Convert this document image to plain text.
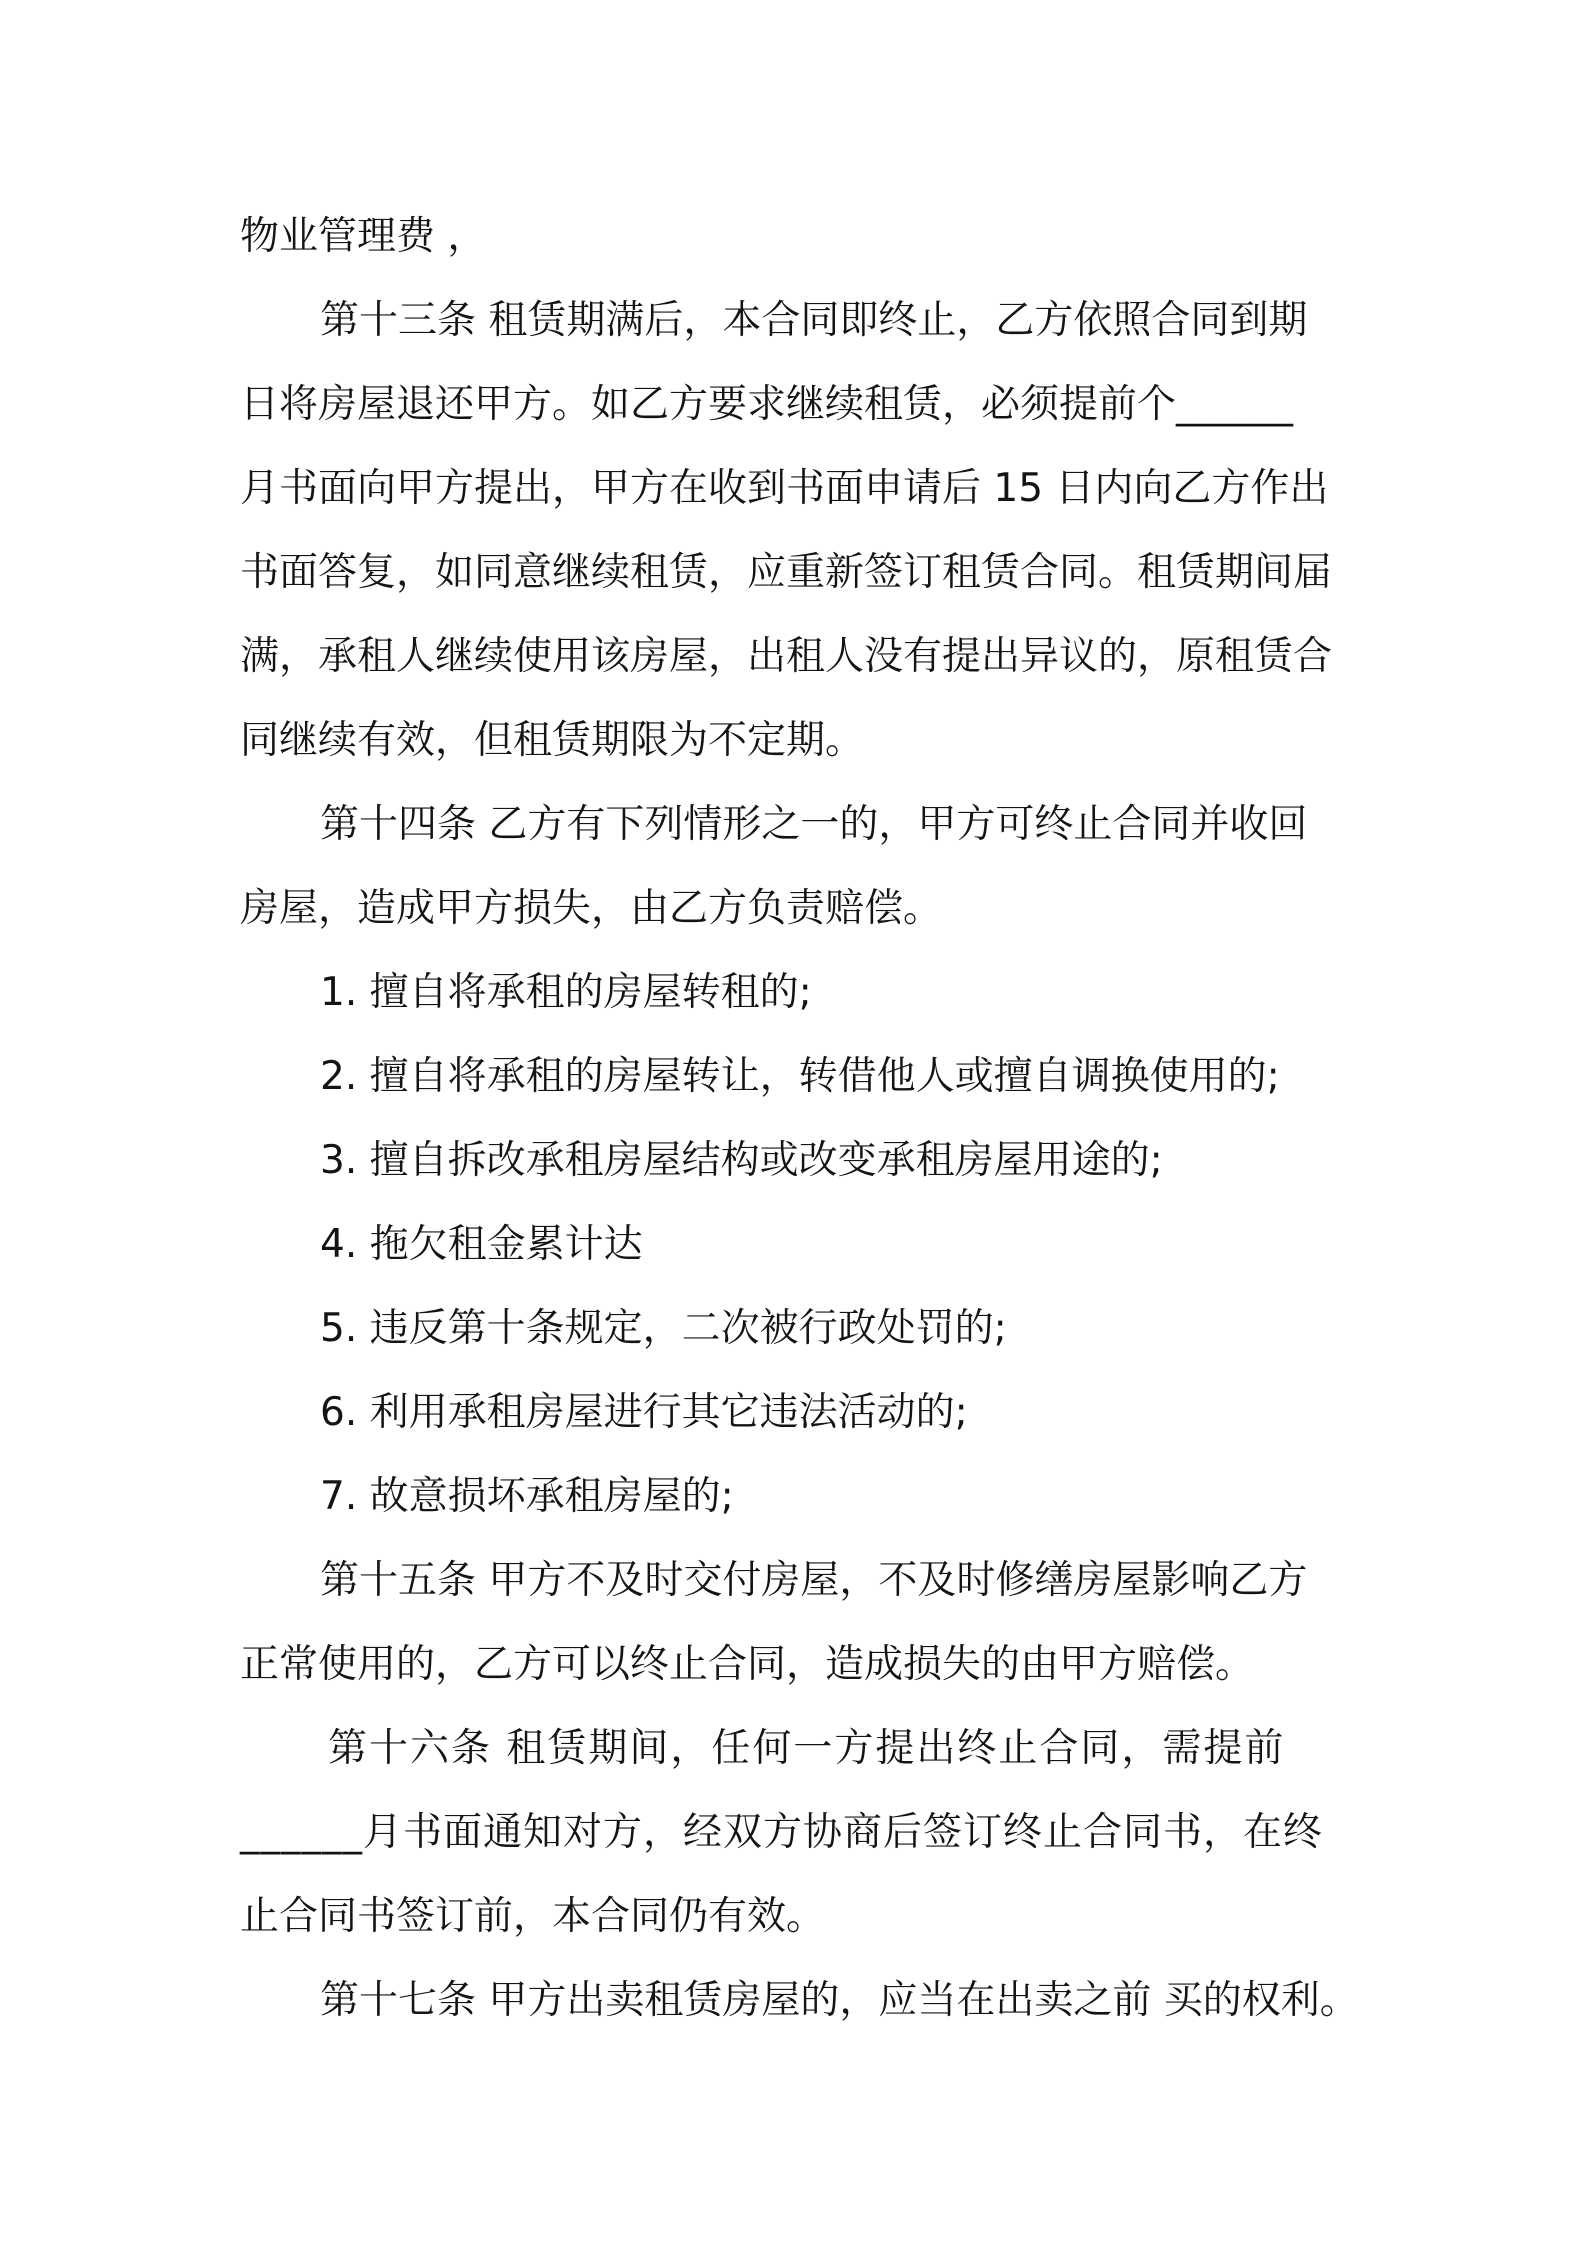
物业管理费 ，
第十三条 租赁期满后，本合同即终止，乙方依照合同到期
日将房屋退还甲方。如乙方要求继续租赁，必须提前个______
月书面向甲方提出，甲方在收到书面申请后 15 日内向乙方作出
书面答复，如同意继续租赁，应重新签订租赁合同。租赁期间届
满，承租人继续使用该房屋，出租人没有提出异议的，原租赁合
同继续有效，但租赁期限为不定期。
第十四条 乙方有下列情形之一的，甲方可终止合同并收回
房屋，造成甲方损失，由乙方负责赔偿。
1. 擅自将承租的房屋转租的;
2. 擅自将承租的房屋转让，转借他人或擅自调换使用的;
3. 擅自拆改承租房屋结构或改变承租房屋用途的;
4. 拖欠租金累计达
5. 违反第十条规定，二次被行政处罚的;
6. 利用承租房屋进行其它违法活动的;
7. 故意损坏承租房屋的;
第十五条 甲方不及时交付房屋，不及时修缮房屋影响乙方
正常使用的，乙方可以终止合同，造成损失的由甲方赔偿。
第十六条 租赁期间，任何一方提出终止合同，需提前
______月书面通知对方，经双方协商后签订终止合同书，在终
止合同书签订前，本合同仍有效。
第十七条 甲方出卖租赁房屋的，应当在出卖之前 买的权利。
